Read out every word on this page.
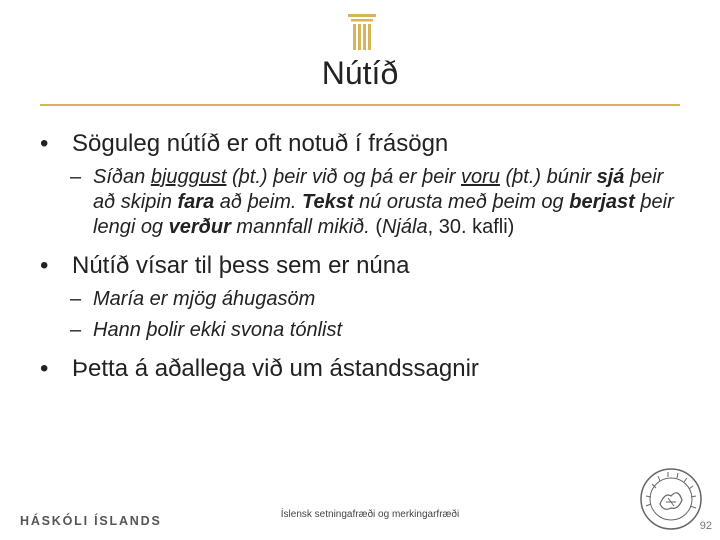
Nútíð
• Söguleg nútíð er oft notuð í frásögn
– Síðan bjuggust (þt.) þeir við og þá er þeir voru (þt.) búnir sjá þeir að skipin fara að þeim. Tekst nú orusta með þeim og berjast þeir lengi og verður mannfall mikið. (Njála, 30. kafli)
• Nútíð vísar til þess sem er núna
– María er mjög áhugasöm
– Hann þolir ekki svona tónlist
• Þetta á aðallega við um ástandssagnir
HÁSKÓLI ÍSLANDS	Íslensk setningafræði og merkingarfræði
92
